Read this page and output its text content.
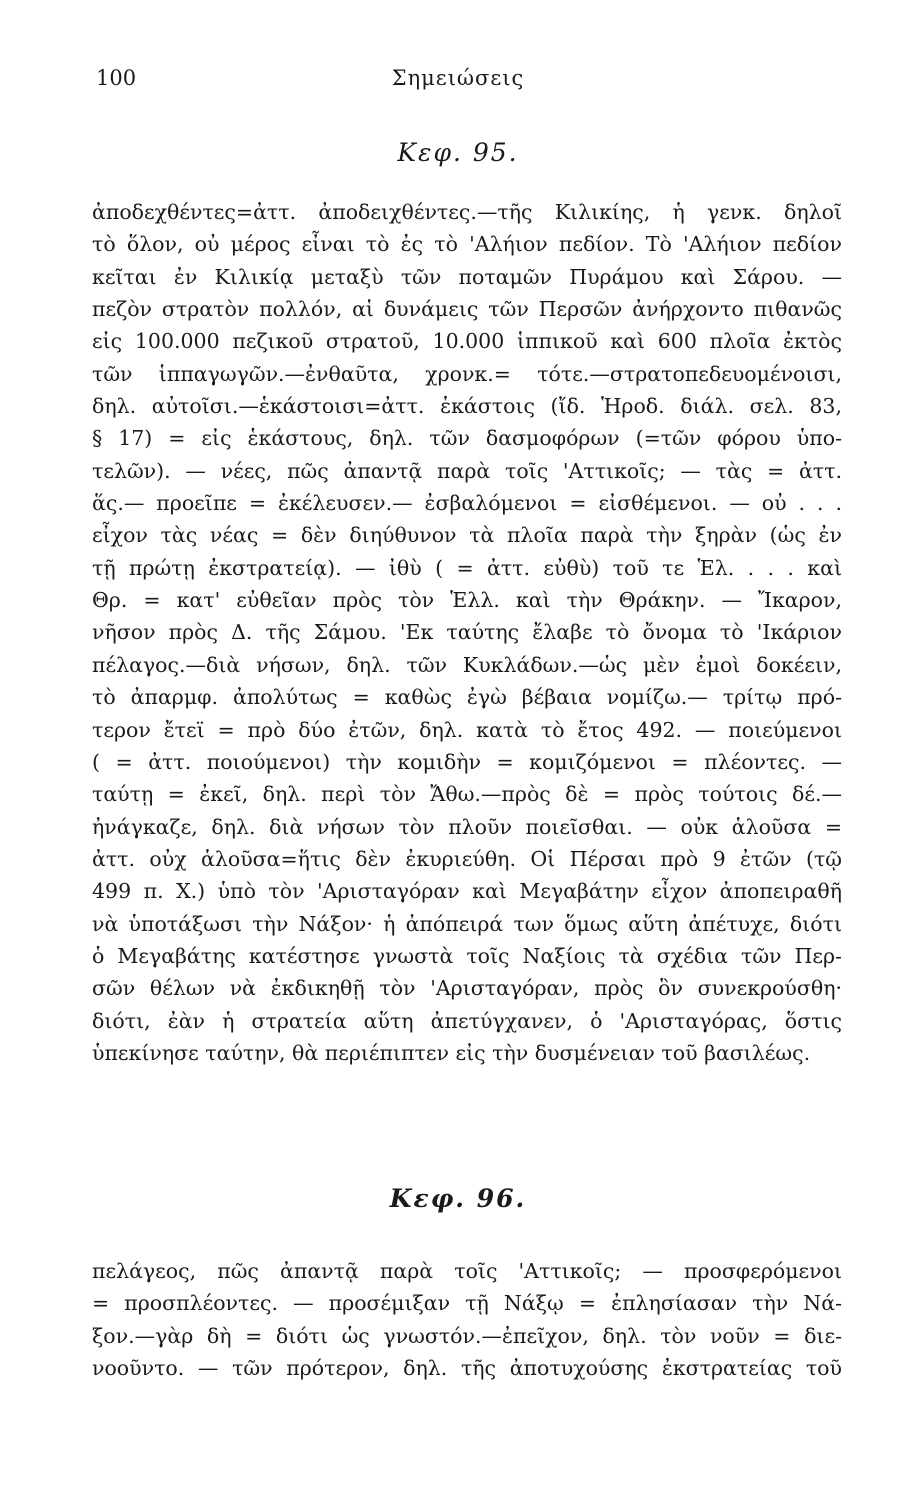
100	Σημειώσεις
Κεφ. 95.
ἀποδεχθέντες=ἀττ. ἀποδειχθέντες.—τῆς Κιλικίης, ἡ γενκ. δηλοῖ
τὸ ὅλον, οὐ μέρος εἶναι τὸ ἐς τὸ 'Αλήιον πεδίον. Τὸ 'Αλήιον πεδίον
κεῖται ἐν Κιλικίᾳ μεταξὺ τῶν ποταμῶν Πυράμου καὶ Σάρου. —
πεζὸν στρατὸν πολλόν, αἱ δυνάμεις τῶν Περσῶν ἀνήρχοντο πιθανῶς
εἰς 100.000 πεζικοῦ στρατοῦ, 10.000 ἱππικοῦ καὶ 600 πλοῖα ἐκτὸς
τῶν ἱππαγωγῶν.—ἐνθαῦτα, χρονκ.= τότε.—στρατοπεδευομένοισι,
δηλ. αὐτοῖσι.—ἑκάστοισι=ἀττ. ἑκάστοις (ἴδ. Ἡροδ. διάλ. σελ. 83,
§ 17) = εἰς ἑκάστους, δηλ. τῶν δασμοφόρων (=τῶν φόρου ὑπο-
τελῶν). — νέες, πῶς ἀπαντᾷ παρὰ τοῖς 'Αττικοῖς; — τὰς = ἀττ.
ἅς.— προεῖπε = ἐκέλευσεν.— ἐσβαλόμενοι = εἰσθέμενοι. — οὐ . . .
εἶχον τὰς νέας = δὲν διηύθυνον τὰ πλοῖα παρὰ τὴν ξηρὰν (ὡς ἐν
τῇ πρώτῃ ἐκστρατείᾳ). — ἰθὺ ( = ἀττ. εὐθὺ) τοῦ τε Ἑλ. . . . καὶ
Θρ. = κατ' εὐθεῖαν πρὸς τὸν Ἑλλ. καὶ τὴν Θράκην. — Ἴκαρον,
νῆσον πρὸς Δ. τῆς Σάμου. 'Εκ ταύτης ἔλαβε τὸ ὄνομα τὸ 'Ικάριον
πέλαγος.—διὰ νήσων, δηλ. τῶν Κυκλάδων.—ὡς μὲν ἐμοὶ δοκέειν,
τὸ ἀπαρμφ. ἀπολύτως = καθὼς ἐγὼ βέβαια νομίζω.— τρίτῳ πρό-
τερον ἔτεϊ = πρὸ δύο ἐτῶν, δηλ. κατὰ τὸ ἔτος 492. — ποιεύμενοι
( = ἀττ. ποιούμενοι) τὴν κομιδὴν = κομιζόμενοι = πλέοντες. —
ταύτῃ = ἐκεῖ, δηλ. περὶ τὸν Ἄθω.—πρὸς δὲ = πρὸς τούτοις δέ.—
ἠνάγκαζε, δηλ. διὰ νήσων τὸν πλοῦν ποιεῖσθαι. — οὐκ ἁλοῦσα =
ἀττ. οὐχ ἁλοῦσα=ἥτις δὲν ἐκυριεύθη. Οἱ Πέρσαι πρὸ 9 ἐτῶν (τῷ
499 π. Χ.) ὑπὸ τὸν 'Αρισταγόραν καὶ Μεγαβάτην εἶχον ἀποπειραθῆ
νὰ ὑποτάξωσι τὴν Νάξον· ἡ ἀπόπειρά των ὅμως αὕτη ἀπέτυχε, διότι
ὁ Μεγαβάτης κατέστησε γνωστὰ τοῖς Ναξίοις τὰ σχέδια τῶν Περ-
σῶν θέλων νὰ ἐκδικηθῇ τὸν 'Αρισταγόραν, πρὸς ὃν συνεκρούσθη·
διότι, ἐὰν ἡ στρατεία αὕτη ἀπετύγχανεν, ὁ 'Αρισταγόρας, ὅστις
ὑπεκίνησε ταύτην, θὰ περιέπιπτεν εἰς τὴν δυσμένειαν τοῦ βασιλέως.
Κεφ. 96.
πελάγεος, πῶς ἀπαντᾷ παρὰ τοῖς 'Αττικοῖς; — προσφερόμενοι
= προσπλέοντες. — προσέμιξαν τῇ Νάξῳ = ἐπλησίασαν τὴν Νά-
ξον.—γὰρ δὴ = διότι ὡς γνωστόν.—ἐπεῖχον, δηλ. τὸν νοῦν = διε-
νοοῦντο. — τῶν πρότερον, δηλ. τῆς ἀποτυχούσης ἐκστρατείας τοῦ
